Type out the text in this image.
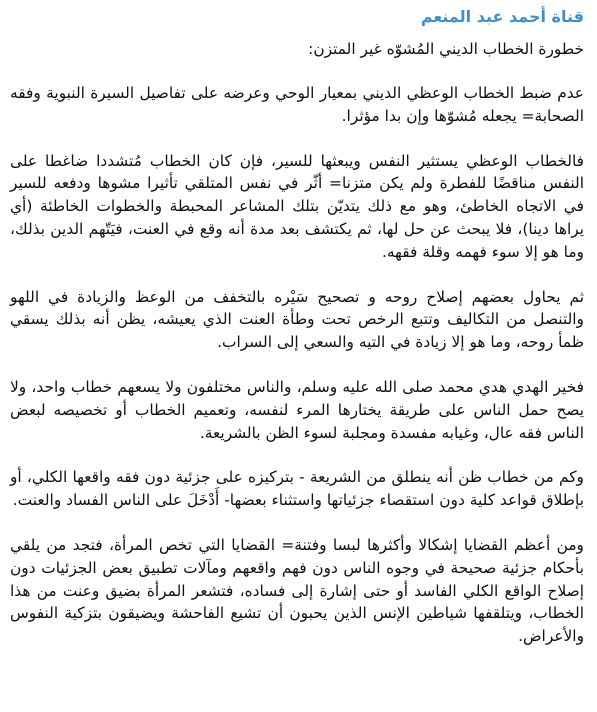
قناة أحمد عبد المنعم

خطورة الخطاب الديني المُشوّه غير المتزن:

عدم ضبط الخطاب الوعظي الديني بمعيار الوحي وعرضه على تفاصيل السيرة النبوية وفقه الصحابة= يجعله مُشوّها وإن بدا مؤثرا.

فالخطاب الوعظي يستثير النفس ويبعثها للسير، فإن كان الخطاب مُتشددا ضاغطا على النفس مناقضًا للفطرة ولم يكن متزنا= أثّر في نفس المتلقي تأثيرا مشوها ودفعه للسير في الاتجاه الخاطئ، وهو مع ذلك يتديّن بتلك المشاعر المحبطة والخطوات الخاطئة (أي يراها دينا)، فلا يبحث عن حل لها، ثم يكتشف بعد مدة أنه وقع في العنت، فيَتّهم الدين بذلك، وما هو إلا سوء فهمه وقلة فقهه.

ثم يحاول بعضهم إصلاح روحه و تصحيح سَيْره بالتخفف من الوعظ والزيادة في اللهو والتنصل من التكاليف وتتبع الرخص تحت وطأة العنت الذي يعيشه، يظن أنه بذلك يسقي ظمأ روحه، وما هو إلا زيادة في التيه والسعي إلى السراب.

فخير الهدي هدي محمد صلى الله عليه وسلم، والناس مختلفون ولا يسعهم خطاب واحد، ولا يصح حمل الناس على طريقة يختارها المرء لنفسه، وتعميم الخطاب أو تخصيصه لبعض الناس فقه عال، وغيابه مفسدة ومجلبة لسوء الظن بالشريعة.

وكم من خطاب ظن أنه ينطلق من الشريعة - بتركيزه على جزئية دون فقه واقعها الكلي، أو بإطلاق قواعد كلية دون استقصاء جزئياتها واستثناء بعضها- أَدْخَلَ على الناس الفساد والعنت.

ومن أعظم القضايا إشكالا وأكثرها لبسا وفتنة= القضايا التي تخص المرأة، فتجد من يلقي بأحكام جزئية صحيحة في وجوه الناس دون فهم واقعهم ومآلات تطبيق بعض الجزئيات دون إصلاح الواقع الكلي الفاسد أو حتى إشارة إلى فساده، فتشعر المرأة بضيق وعنت من هذا الخطاب، ويتلقفها شياطين الإنس الذين يحبون أن تشيع الفاحشة ويضيقون بتزكية النفوس والأعراض.
